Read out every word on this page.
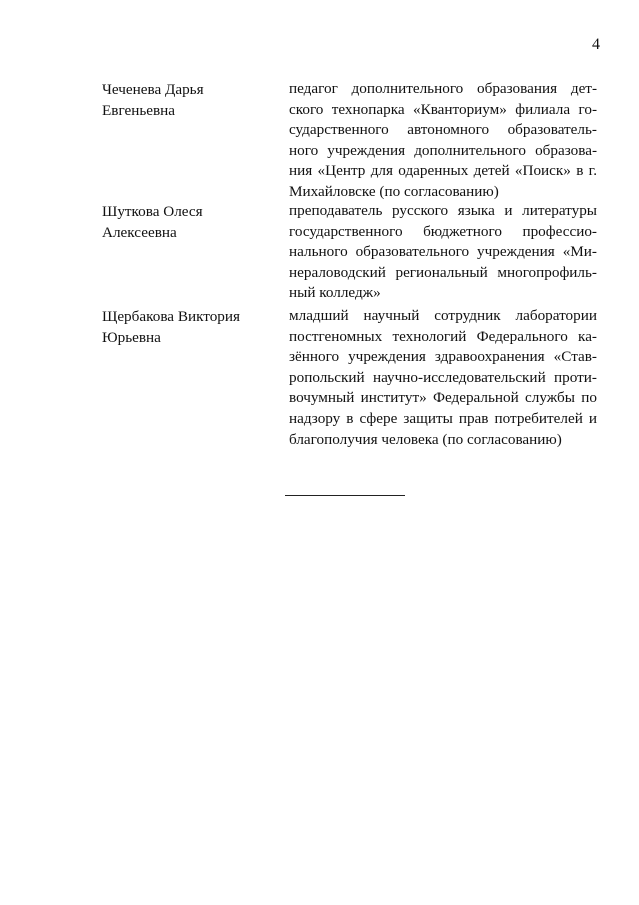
4
Чеченева Дарья
Евгеньевна
педагог дополнительного образования дет-
ского технопарка «Кванториум» филиала го-
сударственного автономного образователь-
ного учреждения дополнительного образова-
ния «Центр для одаренных детей «Поиск» в г.
Михайловске (по согласованию)
Шуткова Олеся
Алексеевна
преподаватель русского языка и литературы
государственного бюджетного профессио-
нального образовательного учреждения «Ми-
нераловодский региональный многопрофиль-
ный колледж»
Щербакова Виктория
Юрьевна
младший научный сотрудник лаборатории
постгеномных технологий Федерального ка-
зённого учреждения здравоохранения «Став-
ропольский научно-исследовательский проти-
вочумный институт» Федеральной службы по
надзору в сфере защиты прав потребителей и
благополучия человека (по согласованию)
